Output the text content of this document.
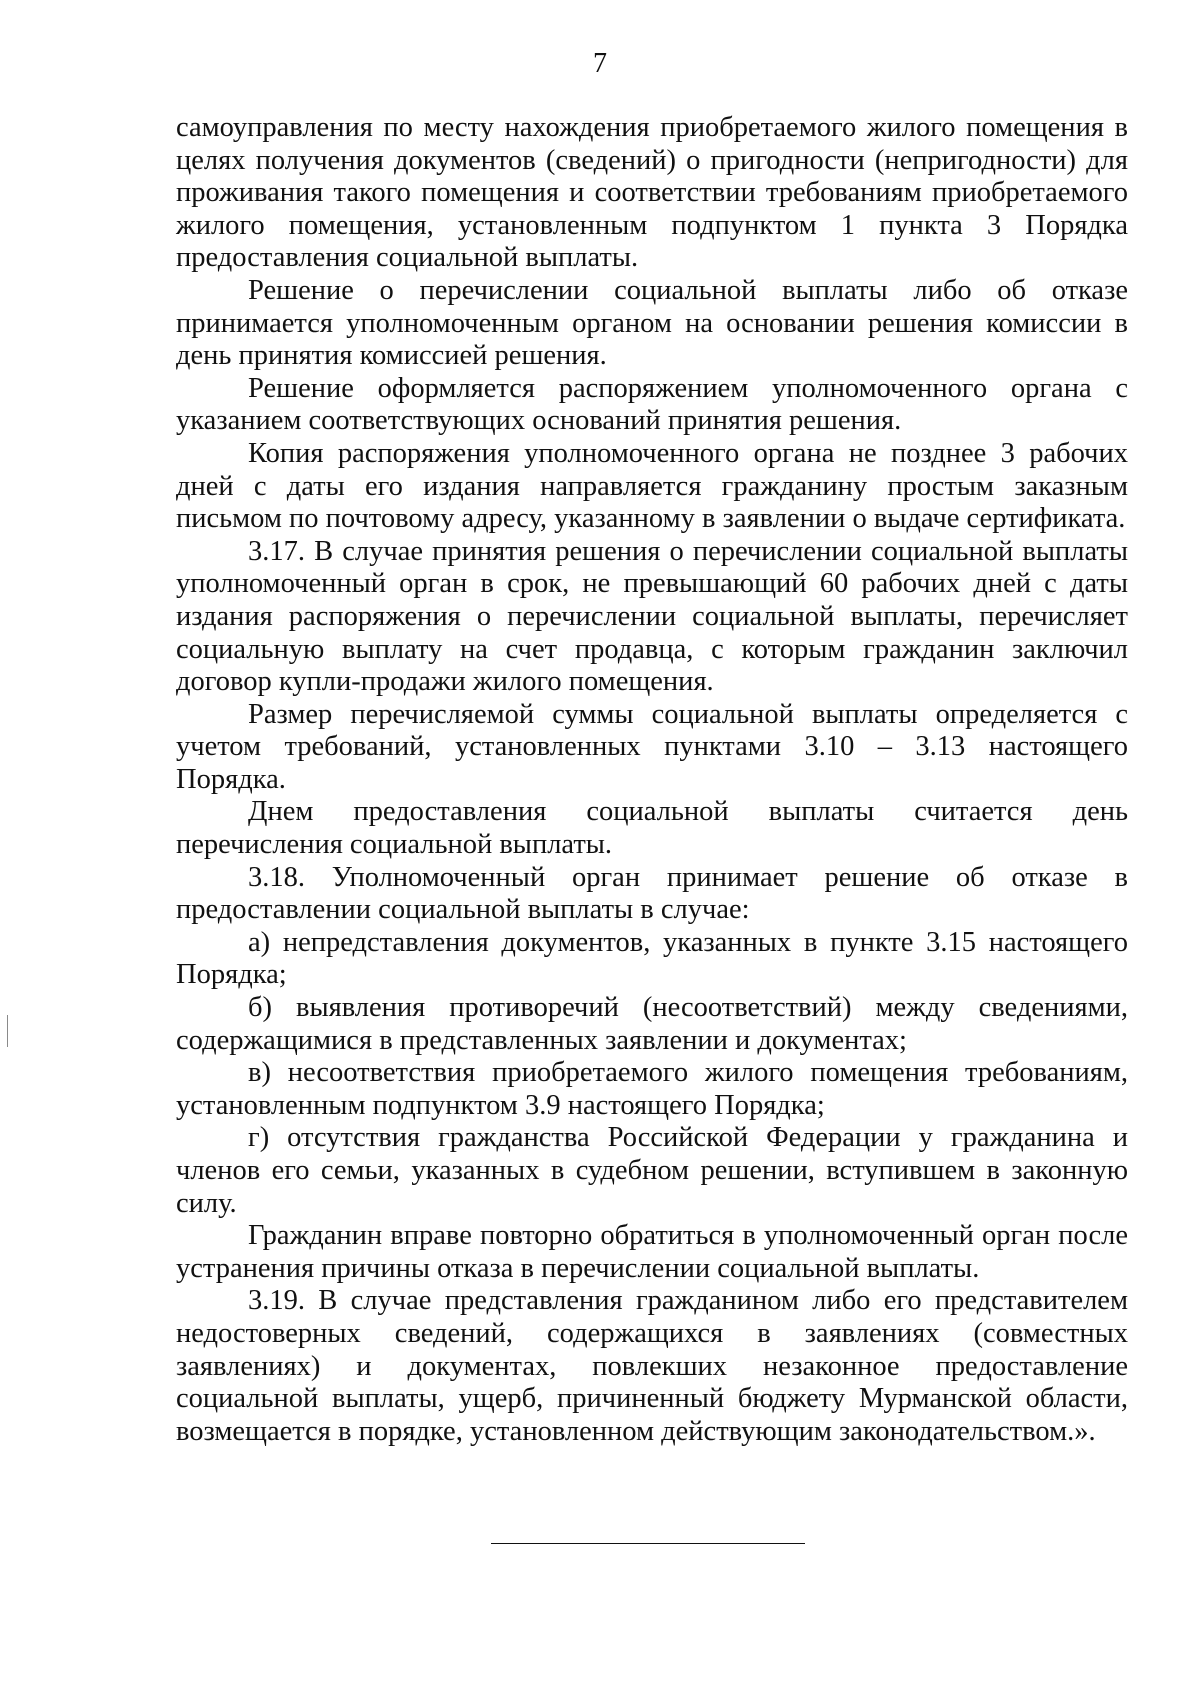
7

самоуправления по месту нахождения приобретаемого жилого помещения в целях получения документов (сведений) о пригодности (непригодности) для проживания такого помещения и соответствии требованиям приобретаемого жилого помещения, установленным подпунктом 1 пункта 3 Порядка предоставления социальной выплаты.

Решение о перечислении социальной выплаты либо об отказе принимается уполномоченным органом на основании решения комиссии в день принятия комиссией решения.

Решение оформляется распоряжением уполномоченного органа с указанием соответствующих оснований принятия решения.

Копия распоряжения уполномоченного органа не позднее 3 рабочих дней с даты его издания направляется гражданину простым заказным письмом по почтовому адресу, указанному в заявлении о выдаче сертификата.

3.17. В случае принятия решения о перечислении социальной выплаты уполномоченный орган в срок, не превышающий 60 рабочих дней с даты издания распоряжения о перечислении социальной выплаты, перечисляет социальную выплату на счет продавца, с которым гражданин заключил договор купли-продажи жилого помещения.

Размер перечисляемой суммы социальной выплаты определяется с учетом требований, установленных пунктами 3.10 – 3.13 настоящего Порядка.

Днем предоставления социальной выплаты считается день перечисления социальной выплаты.

3.18. Уполномоченный орган принимает решение об отказе в предоставлении социальной выплаты в случае:

а) непредставления документов, указанных в пункте 3.15 настоящего Порядка;

б) выявления противоречий (несоответствий) между сведениями, содержащимися в представленных заявлении и документах;

в) несоответствия приобретаемого жилого помещения требованиям, установленным подпунктом 3.9 настоящего Порядка;

г) отсутствия гражданства Российской Федерации у гражданина и членов его семьи, указанных в судебном решении, вступившем в законную силу.

Гражданин вправе повторно обратиться в уполномоченный орган после устранения причины отказа в перечислении социальной выплаты.

3.19. В случае представления гражданином либо его представителем недостоверных сведений, содержащихся в заявлениях (совместных заявлениях) и документах, повлекших незаконное предоставление социальной выплаты, ущерб, причиненный бюджету Мурманской области, возмещается в порядке, установленном действующим законодательством.».
